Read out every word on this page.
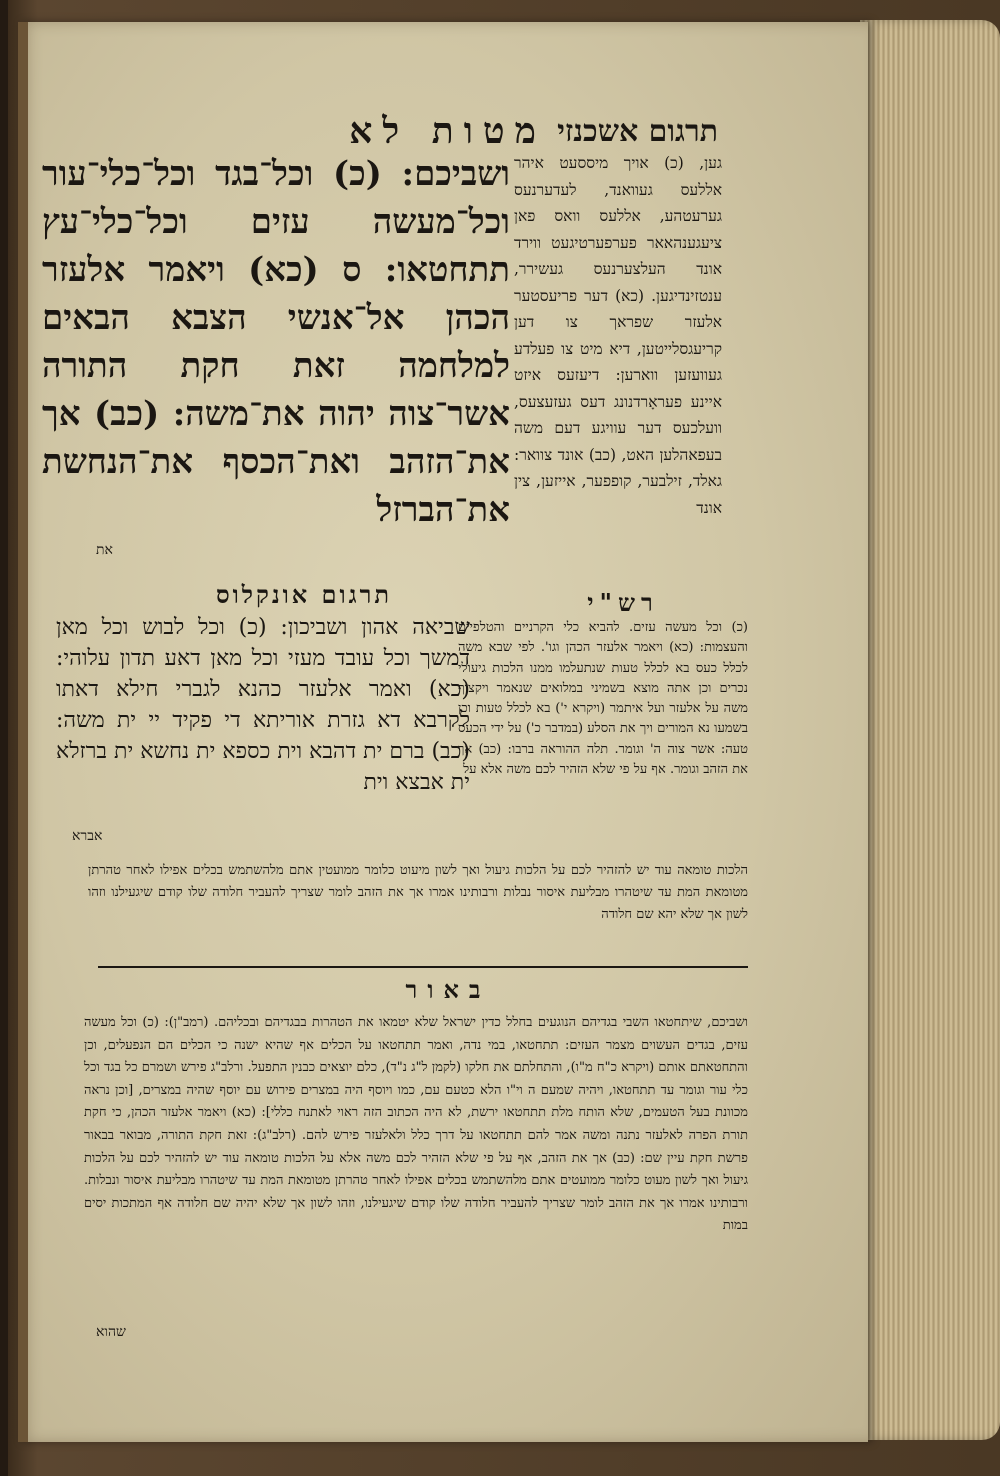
מטות לא תרגום אשכנזי
ושביכם: (כ) וכל־בגד וכל־כלי־עור וכל־מעשה עזים וכל־כלי־עץ תתחטאו: ס (כא) ויאמר אלעזר הכהן אל־אנשי הצבא הבאים למלחמה זאת חקת התורה אשר־צוה יהוה את־משה: (כב) אך את־הזהב ואת־הכסף את־הנחשת את־הברזל
את
גען, (כ) אויך מיססעט איהר אללעס געוואנד, לעדערנעס גערעטהע, אללעס וואס פאן ציעגענהאאר פערפערטיגעט ווירד אונד העלצערנעס געשירר, ענטזינדיגען. (כא) דער פריעסטער אלעזר שפראך צו דען קריעגסלייטען, דיא מיט צו פעלדע געוועזען ווארען: דיעזעס איזט איינע פעראָרדנונג דעס געזעצעס, וועלכעס דער עוויגע דעם משה בעפאהלען האט, (כב) אונד צוואר: גאלד, זילבער, קופפער, אייזען, צין אונד
תרגום אונקלוס
שביאה אהון ושביכון: (כ) וכל לבוש וכל מאן דמשך וכל עובד מעזי וכל מאן דאע תדון עלוהי: (כא) ואמר אלעזר כהנא לגברי חילא דאתו לקרבא דא גזרת אוריתא די פקיד יי ית משה: (כב) ברם ית דהבא וית כספא ית נחשא ית ברזלא ית אבצא וית
אברא
רש"י
(כ) וכל מעשה עזים. להביא כלי הקרניים והטלפיים והעצמות: (כא) ויאמר אלעזר הכהן וגו'. לפי שבא משה לכלל כעס בא לכלל טעות שנתעלמו ממנו הלכות גיעולי נכרים וכן אתה מוצא בשמיני במלואים שנאמר ויקצוף משה על אלעזר ועל איתמר (ויקרא י') בא לכלל טעות וכן בשמעו נא המורים ויך את הסלע (במדבר כ') על ידי הכעס טעה: אשר צוה ה' וגומר. תלה ההוראה ברבו: (כב) אך את הזהב וגומר. אף על פי שלא הזהיר לכם משה אלא על
הלכות טומאה עוד יש להזהיר לכם על הלכות גיעול ואך לשון מיעוט כלומר ממועטין אתם מלהשתמש בכלים אפילו לאחר טהרתן מטומאת המת עד שיטהרו מבליעת איסור נבלות ורבותינו אמרו אך את הזהב לומר שצריך להעביר חלודה שלו קודם שיגעילנו וזהו לשון אך שלא יהא שם חלודה
באור
ושביכם, שיתחטאו השבי בגדיהם הנוגעים בחלל כדין ישראל שלא יטמאו את הטהרות בבגדיהם ובכליהם. (רמב"ן): (כ) וכל מעשה עזים, בגדים העשוים מצמר העזים: תתחטאו, במי נדה, ואמר תתחטאו על הכלים אף שהיא ישנה כי הכלים הם הנפעלים, וכן והתחטאתם אותם (ויקרא כ"ח מ"ו), והתחלתם את חלקו (לקמן ל"ג נ"ד), כלם יוצאים כבנין התפעל. ורלב"ג פירש ושמרם כל בגד וכל כלי עור וגומר עד תתחטאו, ויהיה שמעם ה וי"ו הלא כטעם עם, כמו ויוסף היה במצרים פירוש עם יוסף שהיה במצרים, [וכן נראה מכוונת בעל הטעמים, שלא הותח מלת תתחטאו ירשת, לא היה הכתוב הזה ראוי לאתנח כללי]: (כא) ויאמר אלעזר הכהן, כי חקת תורת הפרה לאלעזר נתנה ומשה אמר להם תתחטאו על דרך כלל ולאלעזר פירש להם. (רלב"ג): זאת חקת התורה, מבואר בבאור פרשת חקת עיין שם: (כב) אך את הזהב, אף על פי שלא הזהיר לכם משה אלא על הלכות טומאה עוד יש להזהיר לכם על הלכות גיעול ואך לשון מעוט כלומר ממועטים אתם מלהשתמש בכלים אפילו לאחר טהרתן מטומאת המת עד שיטהרו מבליעת איסור ונבלות. ורבותינו אמרו אך את הזהב לומר שצריך להעביר חלודה שלו קודם שיגעילנו, וזהו לשון אך שלא יהיה שם חלודה אף המתכות יסים במות
שהוא
